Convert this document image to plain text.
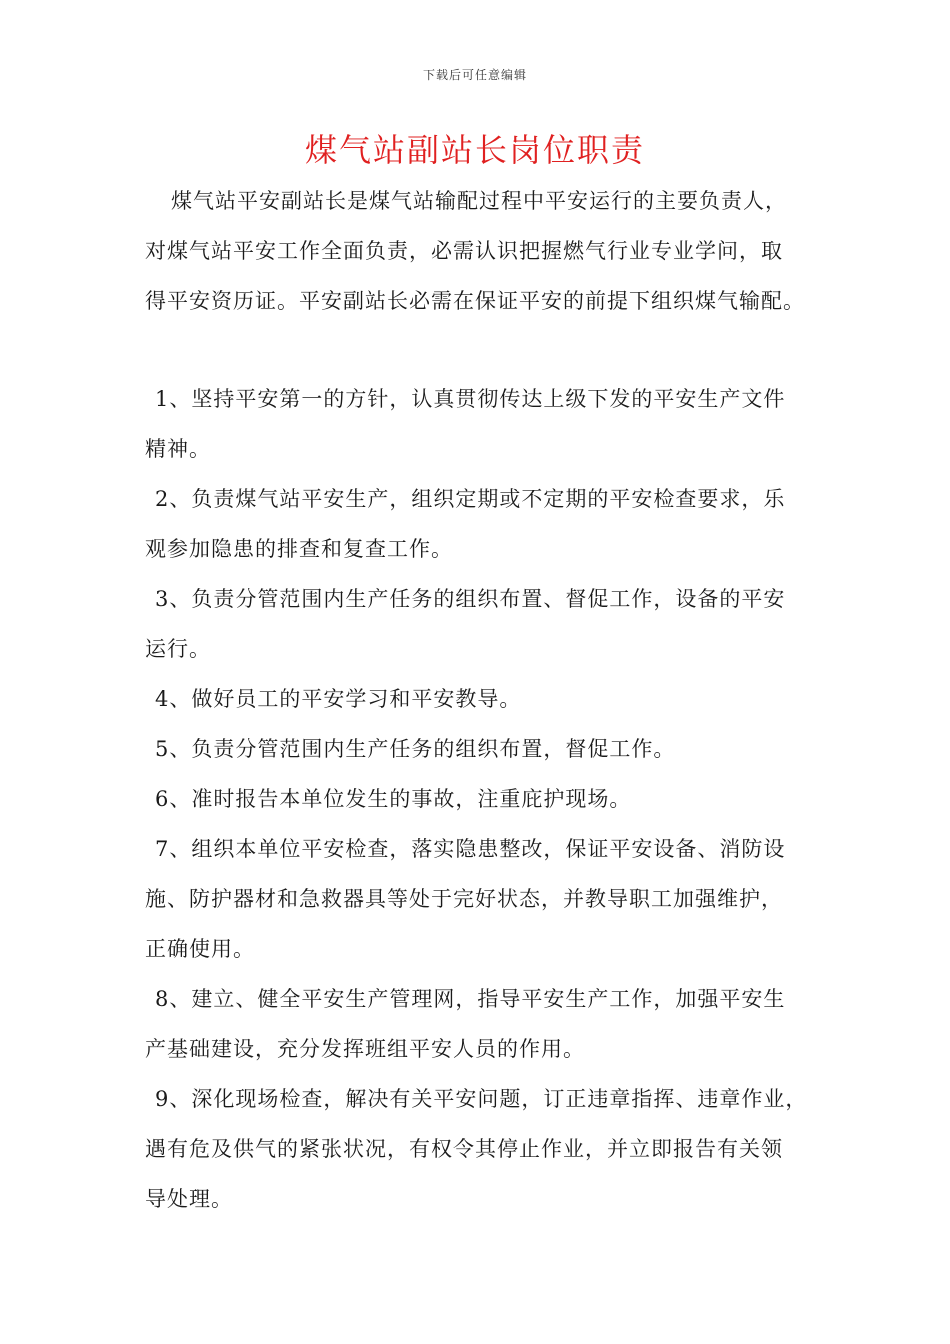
下载后可任意编辑
煤气站副站长岗位职责
煤气站平安副站长是煤气站输配过程中平安运行的主要负责人，
对煤气站平安工作全面负责，必需认识把握燃气行业专业学问，取
得平安资历证。平安副站长必需在保证平安的前提下组织煤气输配。
1、坚持平安第一的方针，认真贯彻传达上级下发的平安生产文件
精神。
2、负责煤气站平安生产，组织定期或不定期的平安检查要求，乐
观参加隐患的排查和复查工作。
3、负责分管范围内生产任务的组织布置、督促工作，设备的平安
运行。
4、做好员工的平安学习和平安教导。
5、负责分管范围内生产任务的组织布置，督促工作。
6、准时报告本单位发生的事故，注重庇护现场。
7、组织本单位平安检查，落实隐患整改，保证平安设备、消防设
施、防护器材和急救器具等处于完好状态，并教导职工加强维护，
正确使用。
8、建立、健全平安生产管理网，指导平安生产工作，加强平安生
产基础建设，充分发挥班组平安人员的作用。
9、深化现场检查，解决有关平安问题，订正违章指挥、违章作业，
遇有危及供气的紧张状况，有权令其停止作业，并立即报告有关领
导处理。
